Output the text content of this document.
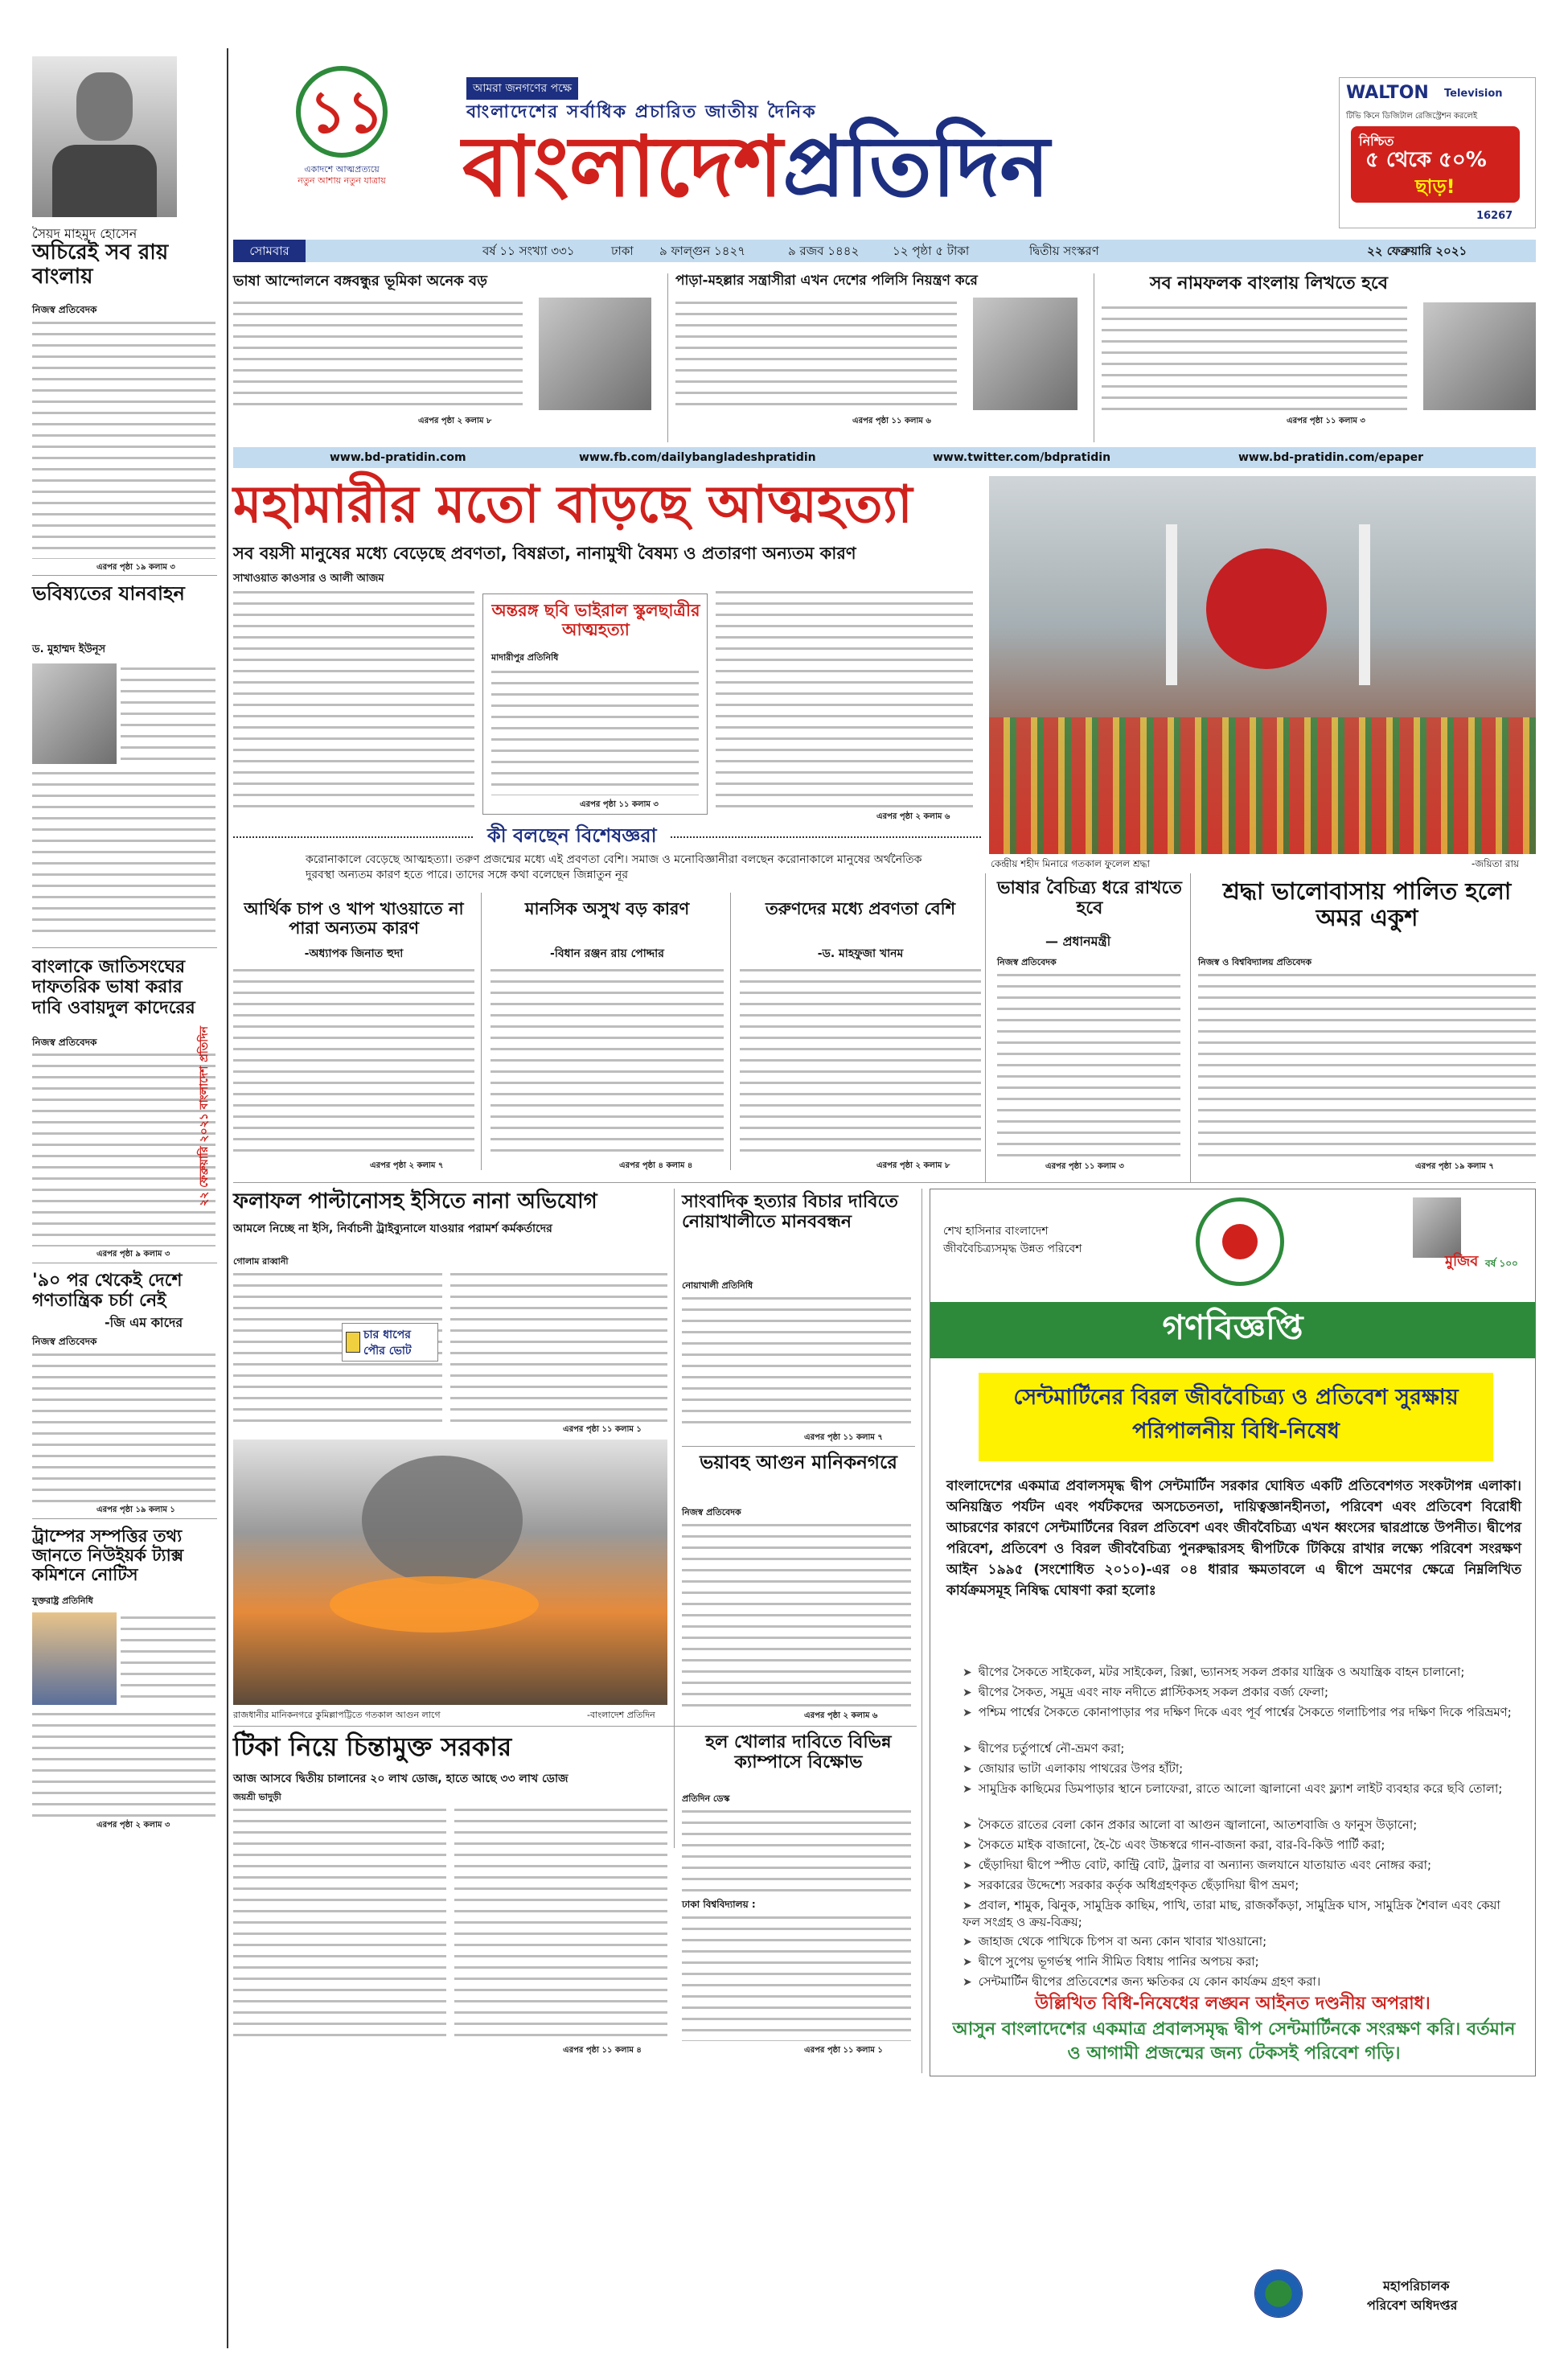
সৈয়দ মাহমুদ হোসেন
অচিরেই সব রায় বাংলায়
নিজস্ব প্রতিবেদক
এরপর পৃষ্ঠা ১৯ কলাম ৩
ভবিষ্যতের যানবাহন
ড. মুহাম্মদ ইউনূস
বাংলাকে জাতিসংঘের দাফতরিক ভাষা করার দাবি ওবায়দুল কাদেরের
নিজস্ব প্রতিবেদক
এরপর পৃষ্ঠা ৯ কলাম ৩
'৯০ পর থেকেই দেশে গণতান্ত্রিক চর্চা নেই
-জি এম কাদের
নিজস্ব প্রতিবেদক
এরপর পৃষ্ঠা ১৯ কলাম ১
ট্রাম্পের সম্পত্তির তথ্য জানতে নিউইয়র্ক ট্যাক্স কমিশনে নোটিস
যুক্তরাষ্ট্র প্রতিনিধি
এরপর পৃষ্ঠা ২ কলাম ৩
২২ ফেব্রুয়ারি ২০২১ বাংলাদেশ প্রতিদিন
১১
একাদশে আত্মপ্রত্যয়ে
নতুন আশায় নতুন যাত্রায়
আমরা জনগণের পক্ষে
বাংলাদেশের সর্বাধিক প্রচারিত জাতীয় দৈনিক
বাংলাদেশপ্রতিদিন
WALTON Television
টিভি কিনে ডিজিটাল রেজিস্ট্রেশন করলেই
নিশ্চিত
৫ থেকে ৫০%
ছাড়!
16267
সোমবার	বর্ষ ১১ সংখ্যা ৩৩১	ঢাকা ৯ ফাল্গুন ১৪২৭	৯ রজব ১৪৪২	১২ পৃষ্ঠা ৫ টাকা	দ্বিতীয় সংস্করণ	২২ ফেব্রুয়ারি ২০২১
ভাষা আন্দোলনে বঙ্গবন্ধুর ভূমিকা অনেক বড়
এরপর পৃষ্ঠা ২ কলাম ৮
পাড়া-মহল্লার সন্ত্রাসীরা এখন দেশের পলিসি নিয়ন্ত্রণ করে
এরপর পৃষ্ঠা ১১ কলাম ৬
সব নামফলক বাংলায় লিখতে হবে
এরপর পৃষ্ঠা ১১ কলাম ৩
www.bd-pratidin.com	www.fb.com/dailybangladeshpratidin	www.twitter.com/bdpratidin	www.bd-pratidin.com/epaper
মহামারীর মতো বাড়ছে আত্মহত্যা
সব বয়সী মানুষের মধ্যে বেড়েছে প্রবণতা, বিষণ্ণতা, নানামুখী বৈষম্য ও প্রতারণা অন্যতম কারণ
সাখাওয়াত কাওসার ও আলী আজম
অন্তরঙ্গ ছবি ভাইরাল স্কুলছাত্রীর আত্মহত্যা
মাদারীপুর প্রতিনিধি
এরপর পৃষ্ঠা ১১ কলাম ৩
এরপর পৃষ্ঠা ২ কলাম ৬
কী বলছেন বিশেষজ্ঞরা
করোনাকালে বেড়েছে আত্মহত্যা। তরুণ প্রজন্মের মধ্যে এই প্রবণতা বেশি। সমাজ ও মনোবিজ্ঞানীরা বলছেন করোনাকালে মানুষের অর্থনৈতিক দুরবস্থা অন্যতম কারণ হতে পারে। তাদের সঙ্গে কথা বলেছেন জিন্নাতুন নূর
আর্থিক চাপ ও খাপ খাওয়াতে না পারা অন্যতম কারণ
-অধ্যাপক জিনাত হুদা
এরপর পৃষ্ঠা ২ কলাম ৭
মানসিক অসুখ বড় কারণ
-বিধান রঞ্জন রায় পোদ্দার
এরপর পৃষ্ঠা ৪ কলাম ৪
তরুণদের মধ্যে প্রবণতা বেশি
-ড. মাহফুজা খানম
এরপর পৃষ্ঠা ২ কলাম ৮
কেন্দ্রীয় শহীদ মিনারে গতকাল ফুলেল শ্রদ্ধা	-জয়িতা রায়
ভাষার বৈচিত্র্য ধরে রাখতে হবে
— প্রধানমন্ত্রী
নিজস্ব প্রতিবেদক
এরপর পৃষ্ঠা ১১ কলাম ৩
শ্রদ্ধা ভালোবাসায় পালিত হলো অমর একুশ
নিজস্ব ও বিশ্ববিদ্যালয় প্রতিবেদক
এরপর পৃষ্ঠা ১৯ কলাম ৭
ফলাফল পাল্টানোসহ ইসিতে নানা অভিযোগ
আমলে নিচ্ছে না ইসি, নির্বাচনী ট্রাইব্যুনালে যাওয়ার পরামর্শ কর্মকর্তাদের
গোলাম রাব্বানী
চার ধাপের পৌর ভোট
এরপর পৃষ্ঠা ১১ কলাম ১
রাজধানীর মানিকনগরে কুমিল্লাপট্টিতে গতকাল আগুন লাগে	-বাংলাদেশ প্রতিদিন
সাংবাদিক হত্যার বিচার দাবিতে নোয়াখালীতে মানববন্ধন
নোয়াখালী প্রতিনিধি
এরপর পৃষ্ঠা ১১ কলাম ৭
ভয়াবহ আগুন মানিকনগরে
নিজস্ব প্রতিবেদক
এরপর পৃষ্ঠা ২ কলাম ৬
টিকা নিয়ে চিন্তামুক্ত সরকার
আজ আসবে দ্বিতীয় চালানের ২০ লাখ ডোজ, হাতে আছে ৩৩ লাখ ডোজ
জয়শ্রী ভাদুড়ী
এরপর পৃষ্ঠা ১১ কলাম ৪
হল খোলার দাবিতে বিভিন্ন ক্যাম্পাসে বিক্ষোভ
প্রতিদিন ডেস্ক
ঢাকা বিশ্ববিদ্যালয় :
এরপর পৃষ্ঠা ১১ কলাম ১
শেখ হাসিনার বাংলাদেশ
জীববৈচিত্র্যসমৃদ্ধ উন্নত পরিবেশ
মুজিব বর্ষ ১০০
গণবিজ্ঞপ্তি
সেন্টমার্টিনের বিরল জীববৈচিত্র্য ও প্রতিবেশ সুরক্ষায় পরিপালনীয় বিধি-নিষেধ
বাংলাদেশের একমাত্র প্রবালসমৃদ্ধ দ্বীপ সেন্টমার্টিন সরকার ঘোষিত একটি প্রতিবেশগত সংকটাপন্ন এলাকা। অনিয়ন্ত্রিত পর্যটন এবং পর্যটকদের অসচেতনতা, দায়িত্বজ্ঞানহীনতা, পরিবেশ এবং প্রতিবেশ বিরোধী আচরণের কারণে সেন্টমার্টিনের বিরল প্রতিবেশ এবং জীববৈচিত্র্য এখন ধ্বংসের দ্বারপ্রান্তে উপনীত। দ্বীপের পরিবেশ, প্রতিবেশ ও বিরল জীববৈচিত্র্য পুনরুদ্ধারসহ দ্বীপটিকে টিকিয়ে রাখার লক্ষ্যে পরিবেশ সংরক্ষণ আইন ১৯৯৫ (সংশোধিত ২০১০)-এর ০৪ ধারার ক্ষমতাবলে এ দ্বীপে ভ্রমণের ক্ষেত্রে নিম্নলিখিত কার্যক্রমসমূহ নিষিদ্ধ ঘোষণা করা হলোঃ
➤ দ্বীপের সৈকতে সাইকেল, মটর সাইকেল, রিক্সা, ভ্যানসহ সকল প্রকার যান্ত্রিক ও অযান্ত্রিক বাহন চালানো;
➤ দ্বীপের সৈকত, সমুদ্র এবং নাফ নদীতে প্লাস্টিকসহ সকল প্রকার বর্জ্য ফেলা;
➤ পশ্চিম পার্শ্বের সৈকতে কোনাপাড়ার পর দক্ষিণ দিকে এবং পূর্ব পার্শ্বের সৈকতে গলাচিপার পর দক্ষিণ দিকে পরিভ্রমণ;
➤ দ্বীপের চর্তুপার্শ্বে নৌ-ভ্রমণ করা;
➤ জোয়ার ভাটা এলাকায় পাথরের উপর হাঁটা;
➤ সামুদ্রিক কাছিমের ডিমপাড়ার স্থানে চলাফেরা, রাতে আলো জ্বালানো এবং ফ্ল্যাশ লাইট ব্যবহার করে ছবি তোলা;
➤ সৈকতে রাতের বেলা কোন প্রকার আলো বা আগুন জ্বালানো, আতশবাজি ও ফানুস উড়ানো;
➤ সৈকতে মাইক বাজানো, হৈ-চৈ এবং উচ্চস্বরে গান-বাজনা করা, বার-বি-কিউ পার্টি করা;
➤ ছেঁড়াদিয়া দ্বীপে স্পীড বোট, কান্ট্রি বোট, ট্রলার বা অন্যান্য জলযানে যাতায়াত এবং নোঙ্গর করা;
➤ সরকারের উদ্দেশ্যে সরকার কর্তৃক অধিগ্রহণকৃত ছেঁড়াদিয়া দ্বীপ ভ্রমণ;
➤ প্রবাল, শামুক, ঝিনুক, সামুদ্রিক কাছিম, পাখি, তারা মাছ, রাজকাঁকড়া, সামুদ্রিক ঘাস, সামুদ্রিক শৈবাল এবং কেয়া ফল সংগ্রহ ও ক্রয়-বিক্রয়;
➤ জাহাজ থেকে পাখিকে চিপস বা অন্য কোন খাবার খাওয়ানো;
➤ দ্বীপে সুপেয় ভূগর্ভস্থ পানি সীমিত বিধায় পানির অপচয় করা;
➤ সেন্টমার্টিন দ্বীপের প্রতিবেশের জন্য ক্ষতিকর যে কোন কার্যক্রম গ্রহণ করা।
উল্লিখিত বিধি-নিষেধের লঙ্ঘন আইনত দণ্ডনীয় অপরাধ।
আসুন বাংলাদেশের একমাত্র প্রবালসমৃদ্ধ দ্বীপ সেন্টমার্টিনকে সংরক্ষণ করি। বর্তমান ও আগামী প্রজন্মের জন্য টেকসই পরিবেশ গড়ি।
মহাপরিচালক
পরিবেশ অধিদপ্তর
